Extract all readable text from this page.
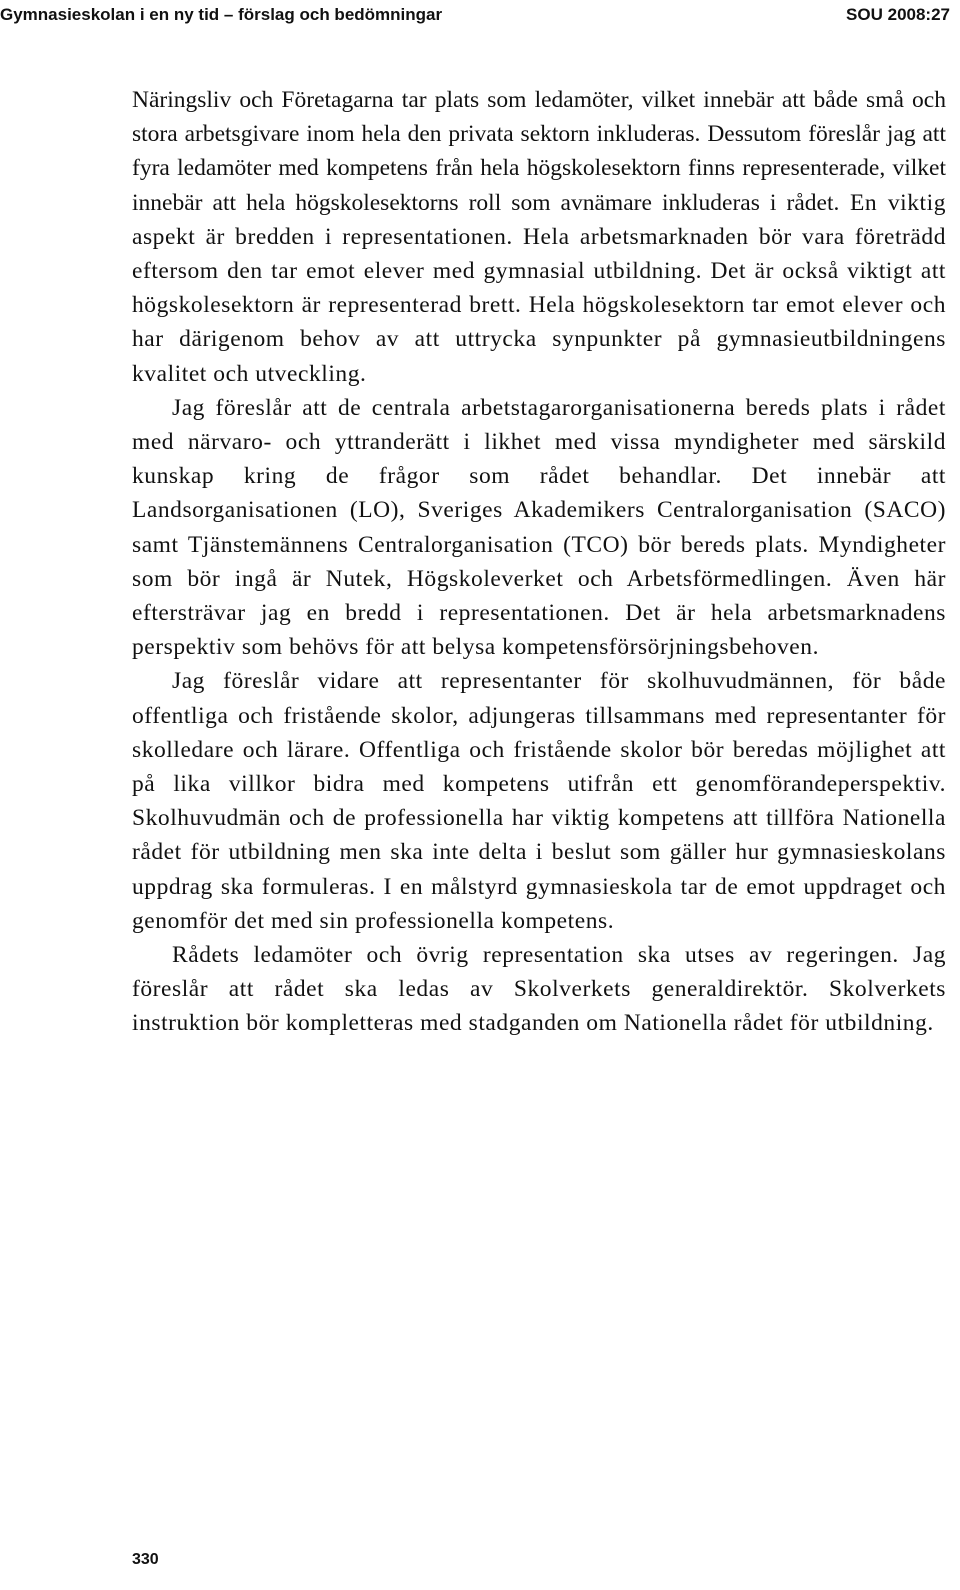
Gymnasieskolan i en ny tid – förslag och bedömningar	SOU 2008:27

Näringsliv och Företagarna tar plats som ledamöter, vilket innebär att både små och stora arbetsgivare inom hela den privata sektorn inkluderas. Dessutom föreslår jag att fyra ledamöter med kompetens från hela högskolesektorn finns representerade, vilket innebär att hela högskolesektorns roll som avnämare inkluderas i rådet. En viktig aspekt är bredden i representationen. Hela arbetsmarknaden bör vara företrädd eftersom den tar emot elever med gymnasial utbildning. Det är också viktigt att högskolesektorn är representerad brett. Hela högskolesektorn tar emot elever och har därigenom behov av att uttrycka synpunkter på gymnasieutbildningens kvalitet och utveckling.

Jag föreslår att de centrala arbetstagarorganisationerna bereds plats i rådet med närvaro- och yttranderätt i likhet med vissa myndigheter med särskild kunskap kring de frågor som rådet behandlar. Det innebär att Landsorganisationen (LO), Sveriges Akademikers Centralorganisation (SACO) samt Tjänstemännens Centralorganisation (TCO) bör bereds plats. Myndigheter som bör ingå är Nutek, Högskoleverket och Arbetsförmedlingen. Även här eftersträvar jag en bredd i representationen. Det är hela arbetsmarknadens perspektiv som behövs för att belysa kompetensförsörjningsbehoven.

Jag föreslår vidare att representanter för skolhuvudmännen, för både offentliga och fristående skolor, adjungeras tillsammans med representanter för skolledare och lärare. Offentliga och fristående skolor bör beredas möjlighet att på lika villkor bidra med kompetens utifrån ett genomförandeperspektiv. Skolhuvudmän och de professionella har viktig kompetens att tillföra Nationella rådet för utbildning men ska inte delta i beslut som gäller hur gymnasieskolans uppdrag ska formuleras. I en målstyrd gymnasieskola tar de emot uppdraget och genomför det med sin professionella kompetens.

Rådets ledamöter och övrig representation ska utses av regeringen. Jag föreslår att rådet ska ledas av Skolverkets generaldirektör. Skolverkets instruktion bör kompletteras med stadganden om Nationella rådet för utbildning.

330
